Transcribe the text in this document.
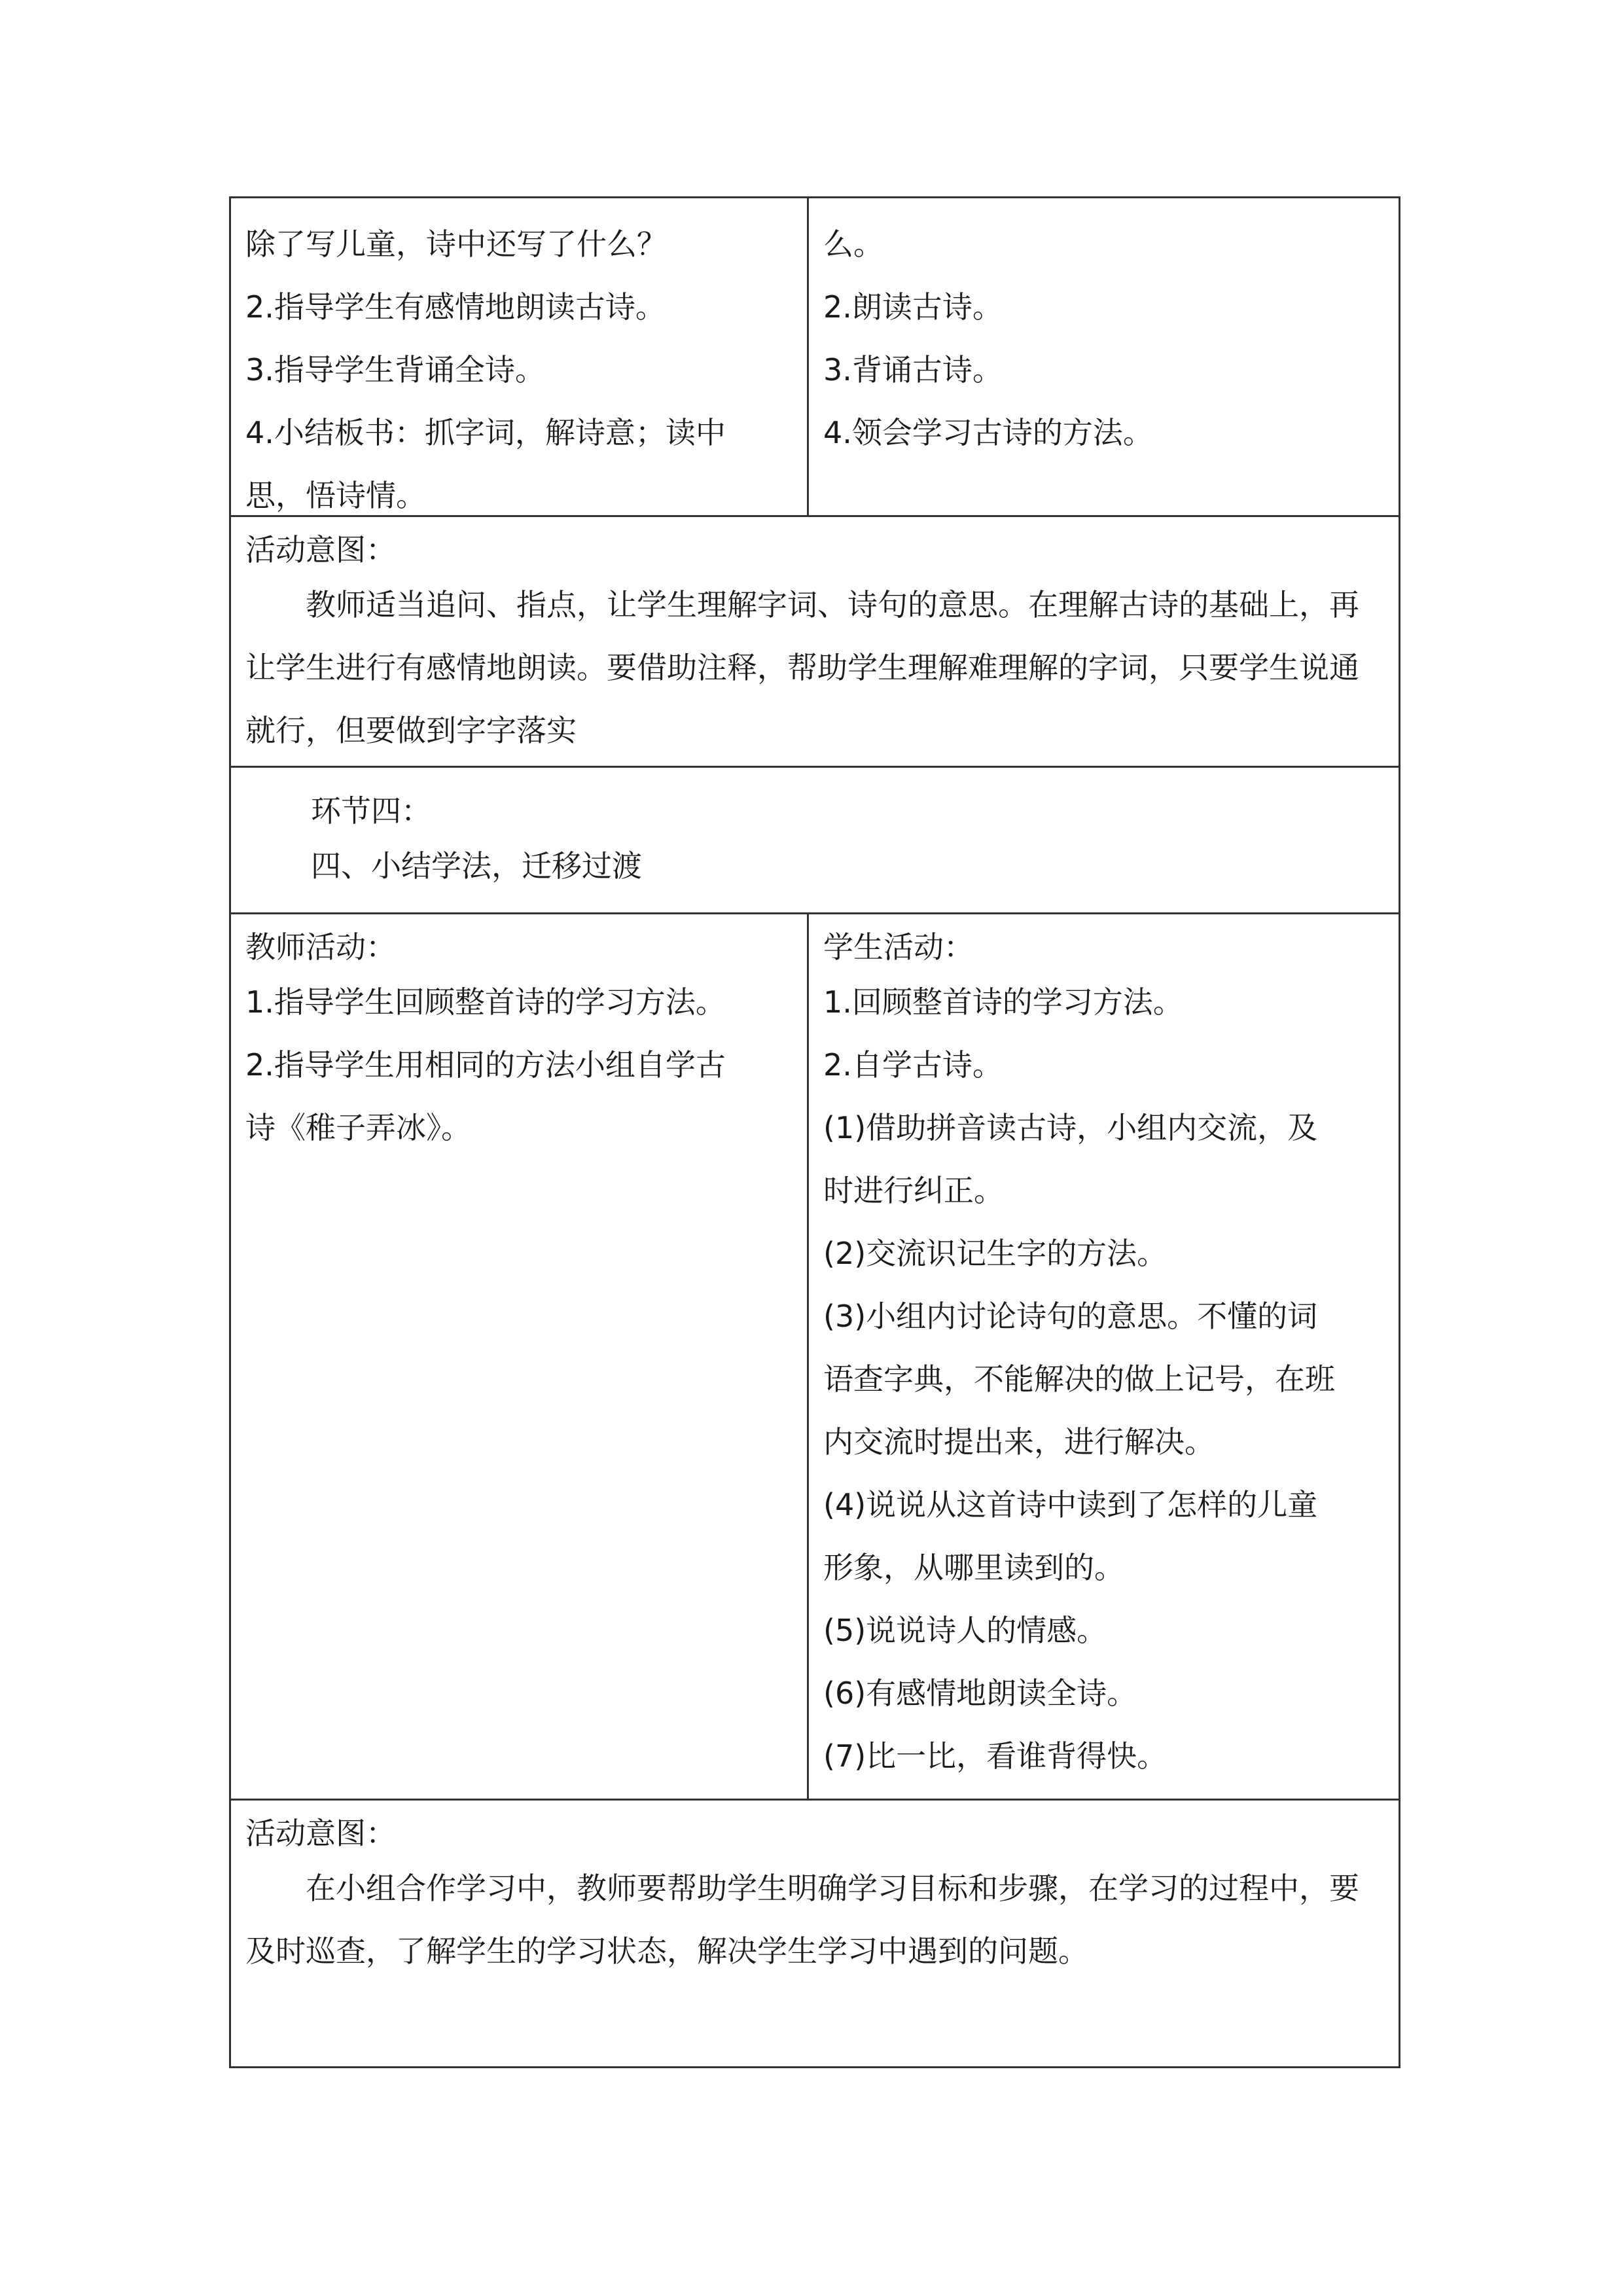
除了写儿童，诗中还写了什么？
2.指导学生有感情地朗读古诗。
3.指导学生背诵全诗。
4.小结板书：抓字词，解诗意；读中
思，悟诗情。
么。
2.朗读古诗。
3.背诵古诗。
4.领会学习古诗的方法。
活动意图：

教师适当追问、指点，让学生理解字词、诗句的意思。在理解古诗的基础上，再让学生进行有感情地朗读。要借助注释，帮助学生理解难理解的字词，只要学生说通就行，但要做到字字落实

环节四：
四、小结学法，迁移过渡
教师活动：
1.指导学生回顾整首诗的学习方法。
2.指导学生用相同的方法小组自学古
诗《稚子弄冰》。
学生活动：
1.回顾整首诗的学习方法。
2.自学古诗。
(1)借助拼音读古诗，小组内交流，及
时进行纠正。
(2)交流识记生字的方法。
(3)小组内讨论诗句的意思。不懂的词
语查字典，不能解决的做上记号，在班
内交流时提出来，进行解决。
(4)说说从这首诗中读到了怎样的儿童
形象，从哪里读到的。
(5)说说诗人的情感。
(6)有感情地朗读全诗。
(7)比一比，看谁背得快。
活动意图：

在小组合作学习中，教师要帮助学生明确学习目标和步骤，在学习的过程中，要及时巡查，了解学生的学习状态，解决学生学习中遇到的问题。
